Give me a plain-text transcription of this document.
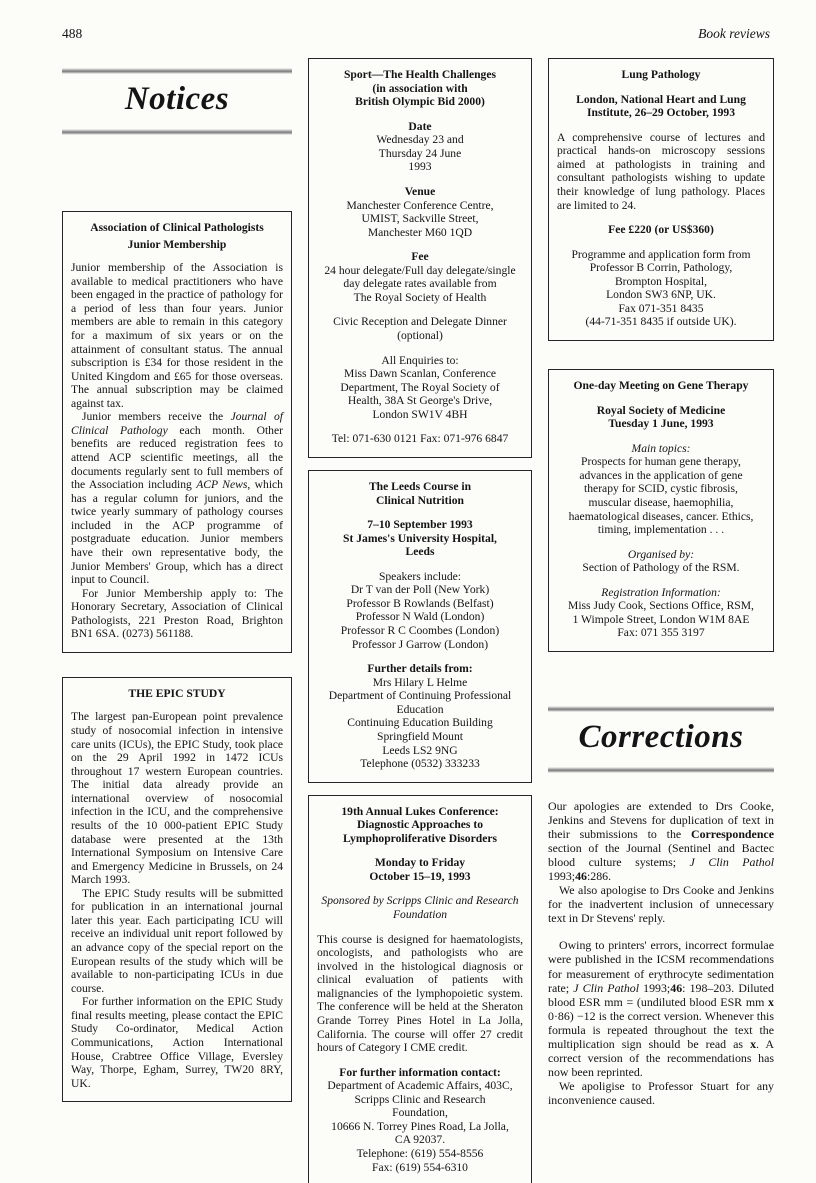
488	Book reviews
Notices
Association of Clinical Pathologists
Junior Membership

Junior membership of the Association is available to medical practitioners who have been engaged in the practice of pathology for a period of less than four years. Junior members are able to remain in this category for a maximum of six years or on the attainment of consultant status. The annual subscription is £34 for those resident in the United Kingdom and £65 for those overseas. The annual subscription may be claimed against tax.

Junior members receive the Journal of Clinical Pathology each month. Other benefits are reduced registration fees to attend ACP scientific meetings, all the documents regularly sent to full members of the Association including ACP News, which has a regular column for juniors, and the twice yearly summary of pathology courses included in the ACP programme of postgraduate education. Junior members have their own representative body, the Junior Members' Group, which has a direct input to Council.

For Junior Membership apply to: The Honorary Secretary, Association of Clinical Pathologists, 221 Preston Road, Brighton BN1 6SA. (0273) 561188.

THE EPIC STUDY

The largest pan-European point prevalence study of nosocomial infection in intensive care units (ICUs), the EPIC Study, took place on the 29 April 1992 in 1472 ICUs throughout 17 western European countries. The initial data already provide an international overview of nosocomial infection in the ICU, and the comprehensive results of the 10 000-patient EPIC Study database were presented at the 13th International Symposium on Intensive Care and Emergency Medicine in Brussels, on 24 March 1993.

The EPIC Study results will be submitted for publication in an international journal later this year. Each participating ICU will receive an individual unit report followed by an advance copy of the special report on the European results of the study which will be available to non-participating ICUs in due course.

For further information on the EPIC Study final results meeting, please contact the EPIC Study Co-ordinator, Medical Action Communications, Action International House, Crabtree Office Village, Eversley Way, Thorpe, Egham, Surrey, TW20 8RY, UK.

Sport—The Health Challenges
(in association with
British Olympic Bid 2000)
Date
Wednesday 23 and
Thursday 24 June
1993
Venue
Manchester Conference Centre,
UMIST, Sackville Street,
Manchester M60 1QD
Fee
24 hour delegate/Full day delegate/single
day delegate rates available from
The Royal Society of Health
Civic Reception and Delegate Dinner
(optional)
All Enquiries to:
Miss Dawn Scanlan, Conference
Department, The Royal Society of
Health, 38A St George's Drive,
London SW1V 4BH
Tel: 071-630 0121 Fax: 071-976 6847
The Leeds Course in
Clinical Nutrition
7–10 September 1993
St James's University Hospital,
Leeds
Speakers include:
Dr T van der Poll (New York)
Professor B Rowlands (Belfast)
Professor N Wald (London)
Professor R C Coombes (London)
Professor J Garrow (London)
Further details from:
Mrs Hilary L Helme
Department of Continuing Professional
Education
Continuing Education Building
Springfield Mount
Leeds LS2 9NG
Telephone (0532) 333233
19th Annual Lukes Conference:
Diagnostic Approaches to
Lymphoproliferative Disorders
Monday to Friday
October 15–19, 1993
Sponsored by Scripps Clinic and Research
Foundation

This course is designed for haematologists, oncologists, and pathologists who are involved in the histological diagnosis or clinical evaluation of patients with malignancies of the lymphopoietic system. The conference will be held at the Sheraton Grande Torrey Pines Hotel in La Jolla, California. The course will offer 27 credit hours of Category I CME credit.

For further information contact:
Department of Academic Affairs, 403C,
Scripps Clinic and Research
Foundation,
10666 N. Torrey Pines Road, La Jolla,
CA 92037.
Telephone: (619) 554-8556
Fax: (619) 554-6310
Lung Pathology
London, National Heart and Lung
Institute, 26–29 October, 1993

A comprehensive course of lectures and practical hands-on microscopy sessions aimed at pathologists in training and consultant pathologists wishing to update their knowledge of lung pathology. Places are limited to 24.

Fee £220 (or US$360)
Programme and application form from
Professor B Corrin, Pathology,
Brompton Hospital,
London SW3 6NP, UK.
Fax 071-351 8435
(44-71-351 8435 if outside UK).
One-day Meeting on Gene Therapy
Royal Society of Medicine
Tuesday 1 June, 1993
Main topics:
Prospects for human gene therapy,
advances in the application of gene
therapy for SCID, cystic fibrosis,
muscular disease, haemophilia,
haematological diseases, cancer. Ethics,
timing, implementation . . .
Organised by:
Section of Pathology of the RSM.
Registration Information:
Miss Judy Cook, Sections Office, RSM,
1 Wimpole Street, London W1M 8AE
Fax: 071 355 3197
Corrections

Our apologies are extended to Drs Cooke, Jenkins and Stevens for duplication of text in their submissions to the Correspondence section of the Journal (Sentinel and Bactec blood culture systems; J Clin Pathol 1993;46:286.

We also apologise to Drs Cooke and Jenkins for the inadvertent inclusion of unnecessary text in Dr Stevens' reply.

Owing to printers' errors, incorrect formulae were published in the ICSM recommendations for measurement of erythrocyte sedimentation rate; J Clin Pathol 1993;46: 198–203. Diluted blood ESR mm = (undiluted blood ESR mm x 0·86) −12 is the correct version. Whenever this formula is repeated throughout the text the multiplication sign should be read as x. A correct version of the recommendations has now been reprinted.

We apoligise to Professor Stuart for any inconvenience caused.
